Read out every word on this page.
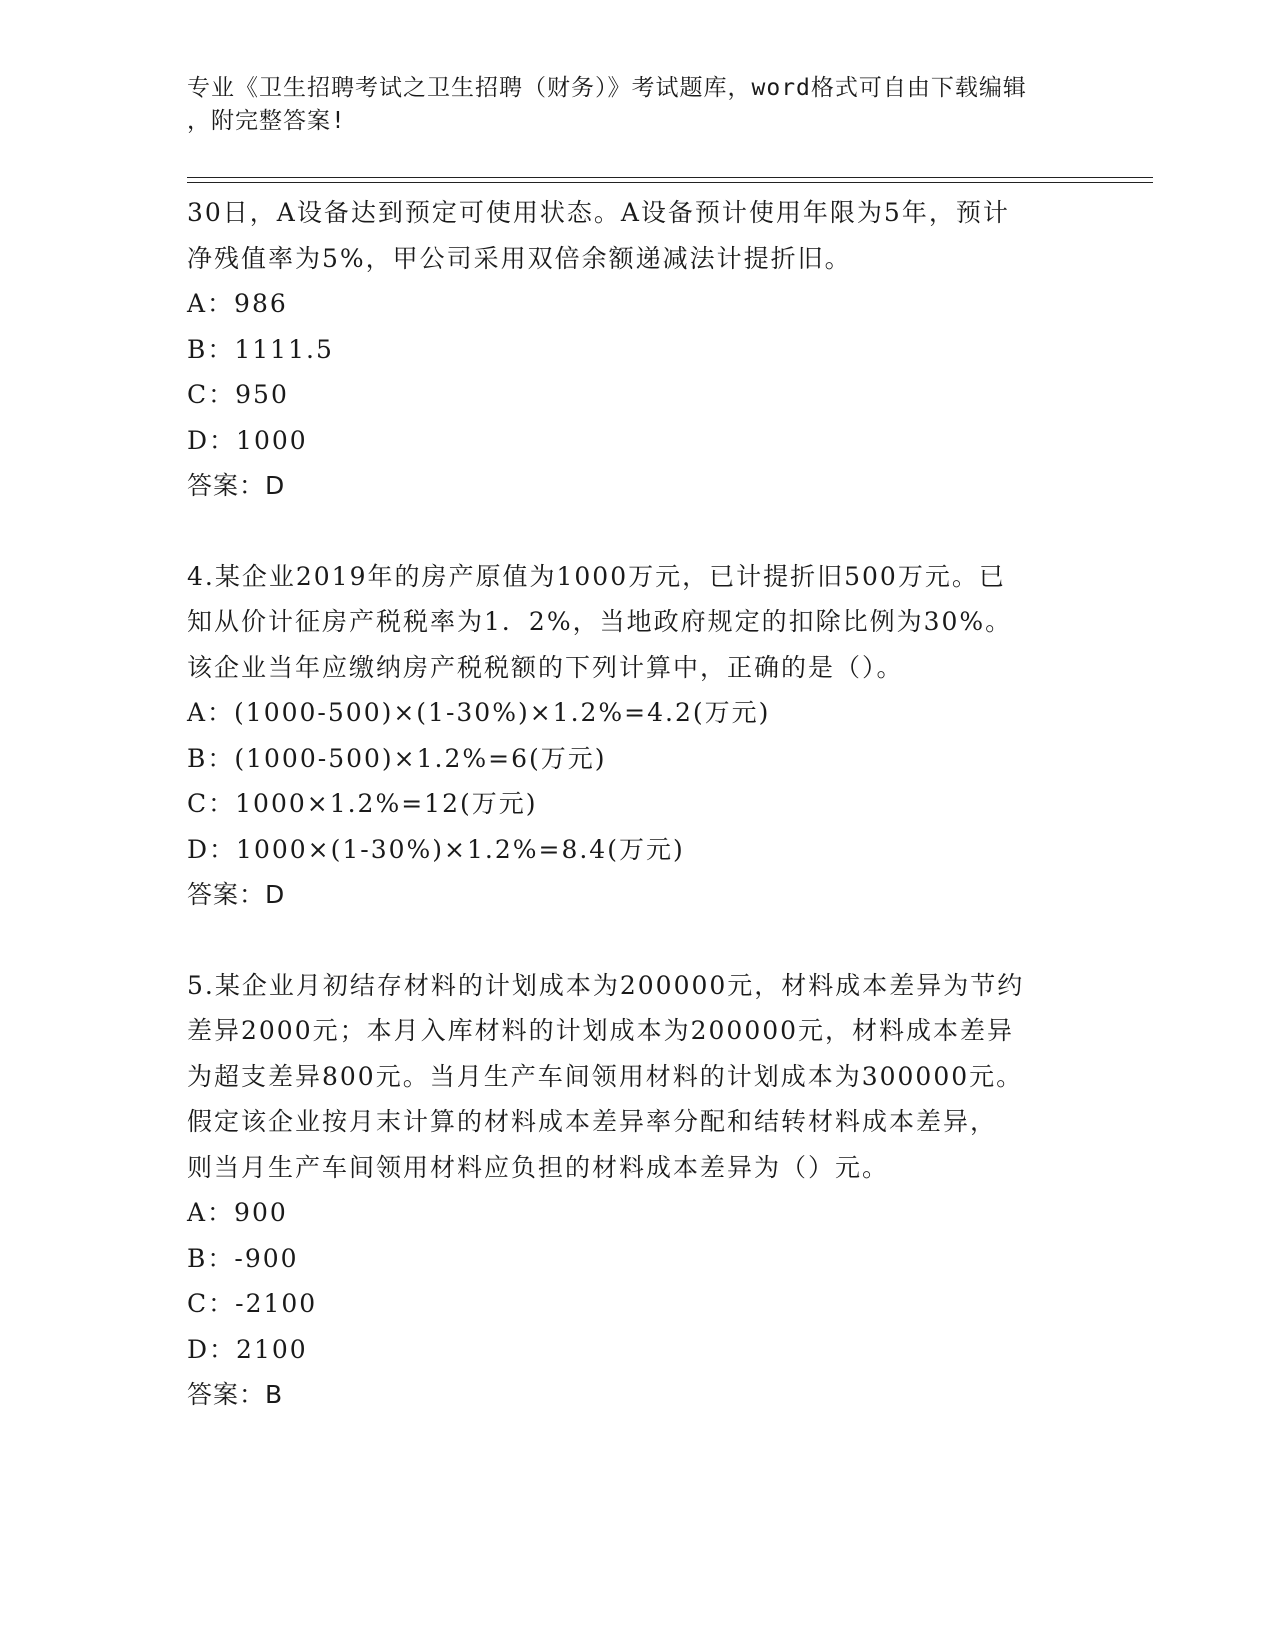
专业《卫生招聘考试之卫生招聘（财务）》考试题库，word格式可自由下载编辑
，附完整答案!
30日，A设备达到预定可使用状态。A设备预计使用年限为5年，预计
净残值率为5%，甲公司采用双倍余额递减法计提折旧。
A：986
B：1111.5
C：950
D：1000
答案：D
4.某企业2019年的房产原值为1000万元，已计提折旧500万元。已
知从价计征房产税税率为1．2%，当地政府规定的扣除比例为30%。
该企业当年应缴纳房产税税额的下列计算中，正确的是（）。
A：(1000-500)×(1-30%)×1.2%=4.2(万元)
B：(1000-500)×1.2%=6(万元)
C：1000×1.2%=12(万元)
D：1000×(1-30%)×1.2%=8.4(万元)
答案：D
5.某企业月初结存材料的计划成本为200000元，材料成本差异为节约
差异2000元；本月入库材料的计划成本为200000元，材料成本差异
为超支差异800元。当月生产车间领用材料的计划成本为300000元。
假定该企业按月末计算的材料成本差异率分配和结转材料成本差异，
则当月生产车间领用材料应负担的材料成本差异为（）元。
A：900
B：-900
C：-2100
D：2100
答案：B
